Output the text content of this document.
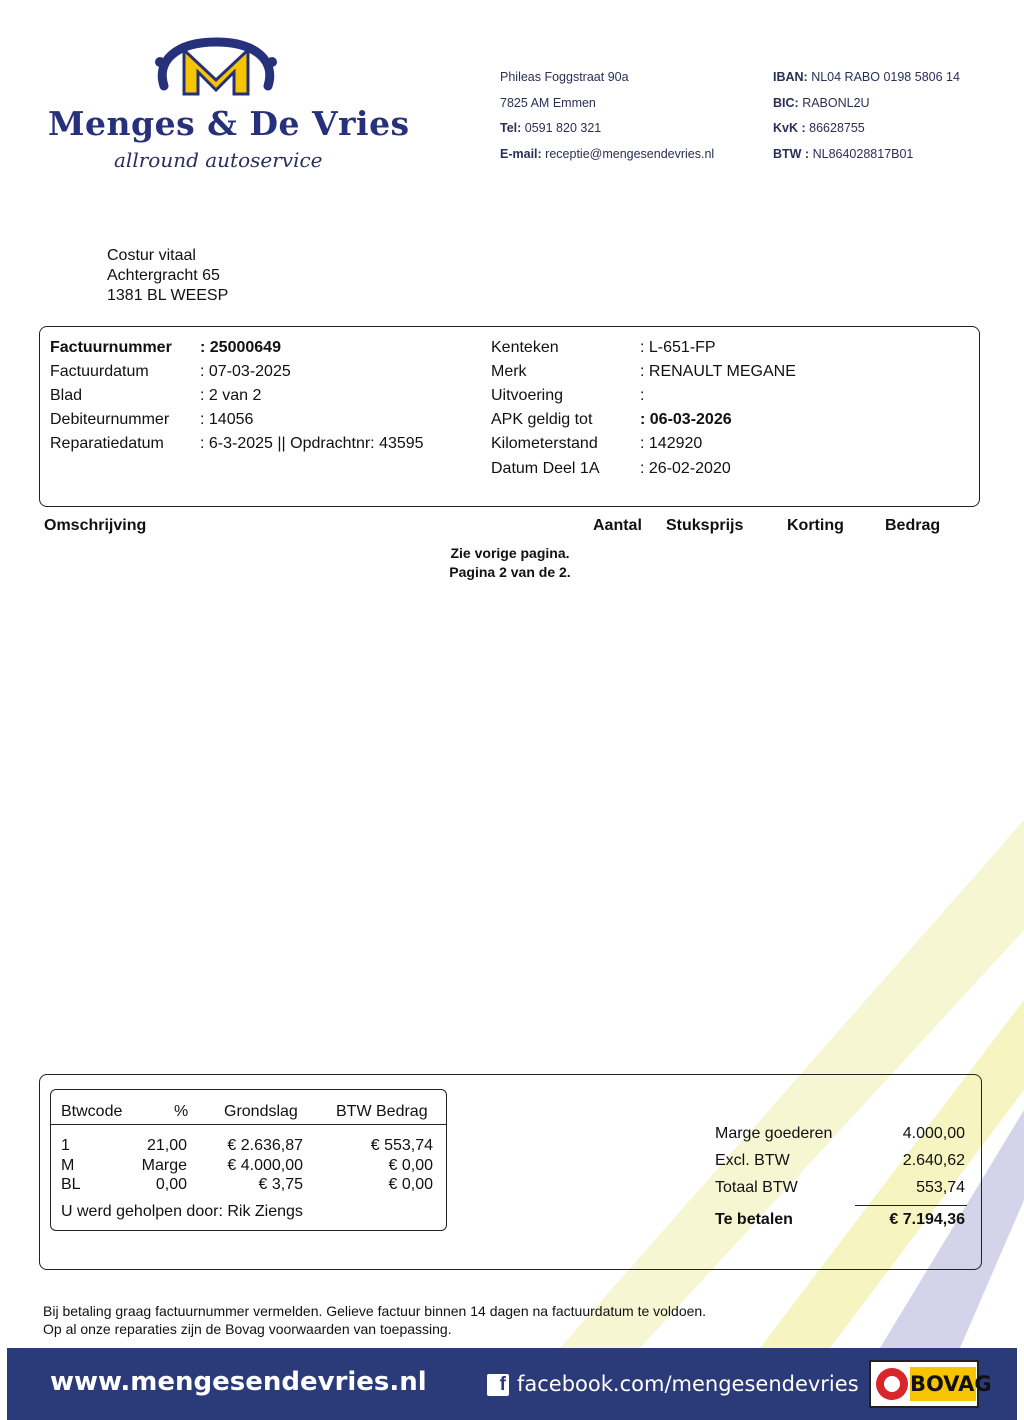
Menges & De Vries
allround autoservice
Phileas Foggstraat 90a
7825 AM Emmen
Tel: 0591 820 321
E-mail: receptie@mengesendevries.nl
IBAN: NL04 RABO 0198 5806 14
BIC: RABONL2U
KvK : 86628755
BTW : NL864028817B01
Costur vitaal
Achtergracht 65
1381 BL WEESP
Factuurnummer : 25000649
Factuurdatum	: 07-03-2025
Blad	: 2 van 2
Debiteurnummer : 14056
Reparatiedatum : 6-3-2025 || Opdrachtnr: 43595
Kenteken	: L-651-FP
Merk	: RENAULT MEGANE
Uitvoering	:
APK geldig tot	: 06-03-2026
Kilometerstand	: 142920
Datum Deel 1A	: 26-02-2020
Omschrijving	Aantal Stuksprijs	Korting	Bedrag
Zie vorige pagina.
Pagina 2 van de 2.
Btwcode	% Grondslag BTW Bedrag
1	21,00	€ 2.636,87	€ 553,74
M	Marge	€ 4.000,00	€ 0,00
BL	0,00	€ 3,75	€ 0,00
U werd geholpen door: Rik Ziengs
Marge goederen	4.000,00
Excl. BTW	2.640,62
Totaal BTW	553,74
Te betalen	€ 7.194,36
Bij betaling graag factuurnummer vermelden. Gelieve factuur binnen 14 dagen na factuurdatum te voldoen.
Op al onze reparaties zijn de Bovag voorwaarden van toepassing.
www.mengesendevries.nl	f facebook.com/mengesendevries BOVAG
